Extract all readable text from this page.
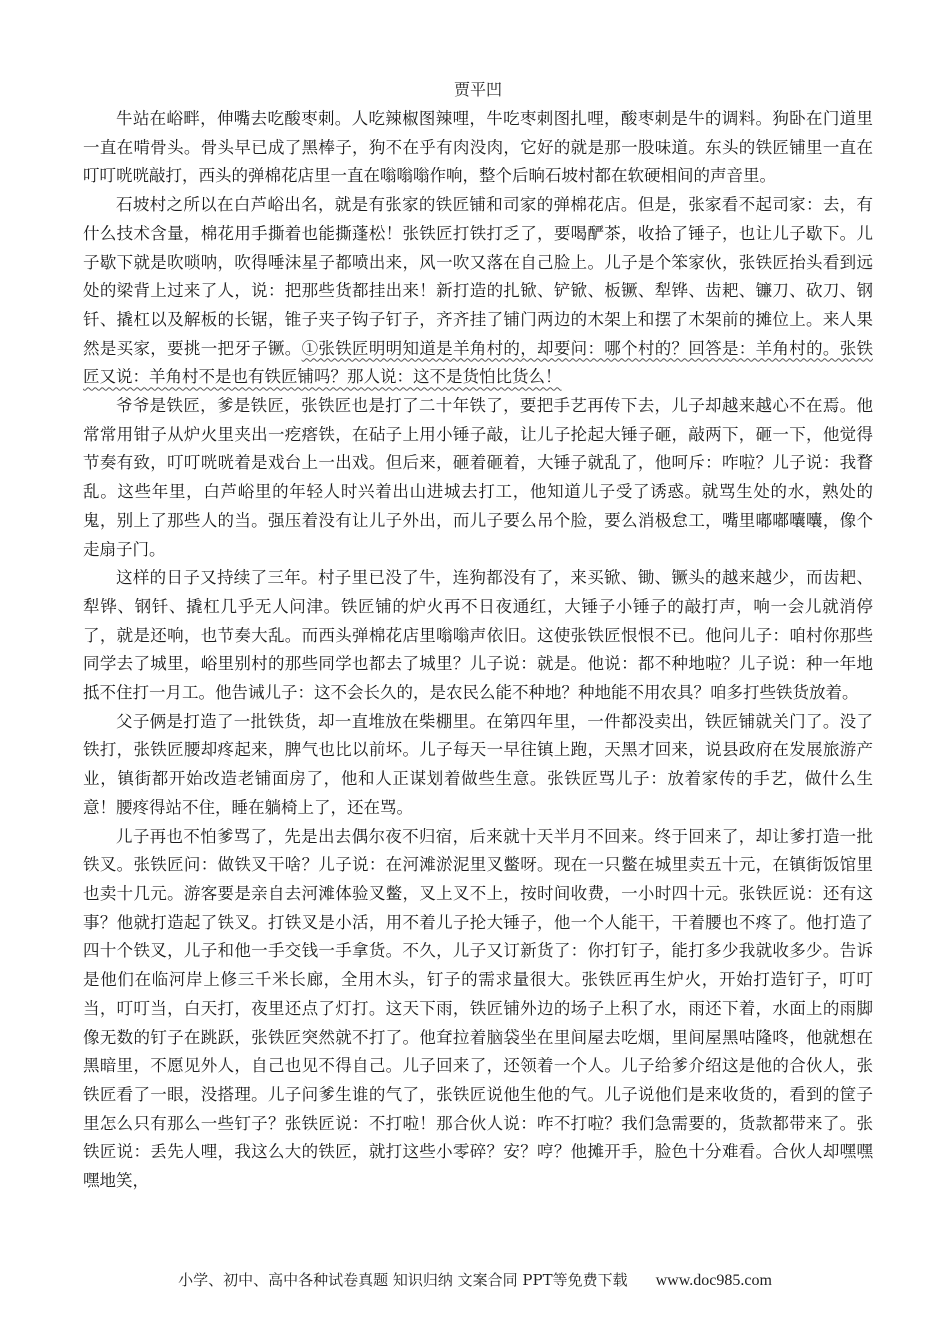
贾平凹

牛站在峪畔，伸嘴去吃酸枣刺。人吃辣椒图辣哩，牛吃枣刺图扎哩，酸枣刺是牛的调料。狗卧在门道里一直在啃骨头。骨头早已成了黑棒子，狗不在乎有肉没肉，它好的就是那一股味道。东头的铁匠铺里一直在叮叮咣咣敲打，西头的弹棉花店里一直在嗡嗡嗡作响，整个后晌石坡村都在软硬相间的声音里。

石坡村之所以在白芦峪出名，就是有张家的铁匠铺和司家的弹棉花店。但是，张家看不起司家：去，有什么技术含量，棉花用手撕着也能撕蓬松！张铁匠打铁打乏了，要喝酽茶，收拾了锤子，也让儿子歇下。儿子歇下就是吹唢呐，吹得唾沫星子都喷出来，风一吹又落在自己脸上。儿子是个笨家伙，张铁匠抬头看到远处的梁背上过来了人，说：把那些货都挂出来！新打造的扎锨、铲锨、板镢、犁铧、齿耙、镰刀、砍刀、钢钎、撬杠以及解板的长锯，锥子夹子钩子钉子，齐齐挂了铺门两边的木架上和摆了木架前的摊位上。来人果然是买家，要挑一把牙子镢。①张铁匠明明知道是羊角村的，却要问：哪个村的？回答是：羊角村的。张铁匠又说：羊角村不是也有铁匠铺吗？那人说：这不是货怕比货么！

爷爷是铁匠，爹是铁匠，张铁匠也是打了二十年铁了，要把手艺再传下去，儿子却越来越心不在焉。他常常用钳子从炉火里夹出一疙瘩铁，在砧子上用小锤子敲，让儿子抡起大锤子砸，敲两下，砸一下，他觉得节奏有致，叮叮咣咣着是戏台上一出戏。但后来，砸着砸着，大锤子就乱了，他呵斥：咋啦？儿子说：我瞀乱。这些年里，白芦峪里的年轻人时兴着出山进城去打工，他知道儿子受了诱惑。就骂生处的水，熟处的鬼，别上了那些人的当。强压着没有让儿子外出，而儿子要么吊个脸，要么消极怠工，嘴里嘟嘟囔囔，像个走扇子门。

这样的日子又持续了三年。村子里已没了牛，连狗都没有了，来买锨、锄、镢头的越来越少，而齿耙、犁铧、钢钎、撬杠几乎无人问津。铁匠铺的炉火再不日夜通红，大锤子小锤子的敲打声，响一会儿就消停了，就是还响，也节奏大乱。而西头弹棉花店里嗡嗡声依旧。这使张铁匠恨恨不已。他问儿子：咱村你那些同学去了城里，峪里别村的那些同学也都去了城里？儿子说：就是。他说：都不种地啦？儿子说：种一年地抵不住打一月工。他告诫儿子：这不会长久的，是农民么能不种地？种地能不用农具？咱多打些铁货放着。

父子俩是打造了一批铁货，却一直堆放在柴棚里。在第四年里，一件都没卖出，铁匠铺就关门了。没了铁打，张铁匠腰却疼起来，脾气也比以前坏。儿子每天一早往镇上跑，天黑才回来，说县政府在发展旅游产业，镇街都开始改造老铺面房了，他和人正谋划着做些生意。张铁匠骂儿子：放着家传的手艺，做什么生意！腰疼得站不住，睡在躺椅上了，还在骂。

儿子再也不怕爹骂了，先是出去偶尔夜不归宿，后来就十天半月不回来。终于回来了，却让爹打造一批铁叉。张铁匠问：做铁叉干啥？儿子说：在河滩淤泥里叉鳖呀。现在一只鳖在城里卖五十元，在镇街饭馆里也卖十几元。游客要是亲自去河滩体验叉鳖，叉上叉不上，按时间收费，一小时四十元。张铁匠说：还有这事？他就打造起了铁叉。打铁叉是小活，用不着儿子抡大锤子，他一个人能干，干着腰也不疼了。他打造了四十个铁叉，儿子和他一手交钱一手拿货。不久，儿子又订新货了：你打钉子，能打多少我就收多少。告诉是他们在临河岸上修三千米长廊，全用木头，钉子的需求量很大。张铁匠再生炉火，开始打造钉子，叮叮当，叮叮当，白天打，夜里还点了灯打。这天下雨，铁匠铺外边的场子上积了水，雨还下着，水面上的雨脚像无数的钉子在跳跃，张铁匠突然就不打了。他耷拉着脑袋坐在里间屋去吃烟，里间屋黑咕隆咚，他就想在黑暗里，不愿见外人，自己也见不得自己。儿子回来了，还领着一个人。儿子给爹介绍这是他的合伙人，张铁匠看了一眼，没搭理。儿子问爹生谁的气了，张铁匠说他生他的气。儿子说他们是来收货的，看到的筐子里怎么只有那么一些钉子？张铁匠说：不打啦！那合伙人说：咋不打啦？我们急需要的，货款都带来了。张铁匠说：丢先人哩，我这么大的铁匠，就打这些小零碎？安？哼？他摊开手，脸色十分难看。合伙人却嘿嘿嘿地笑，

小学、初中、高中各种试卷真题 知识归纳 文案合同 PPT等免费下载 www.doc985.com
